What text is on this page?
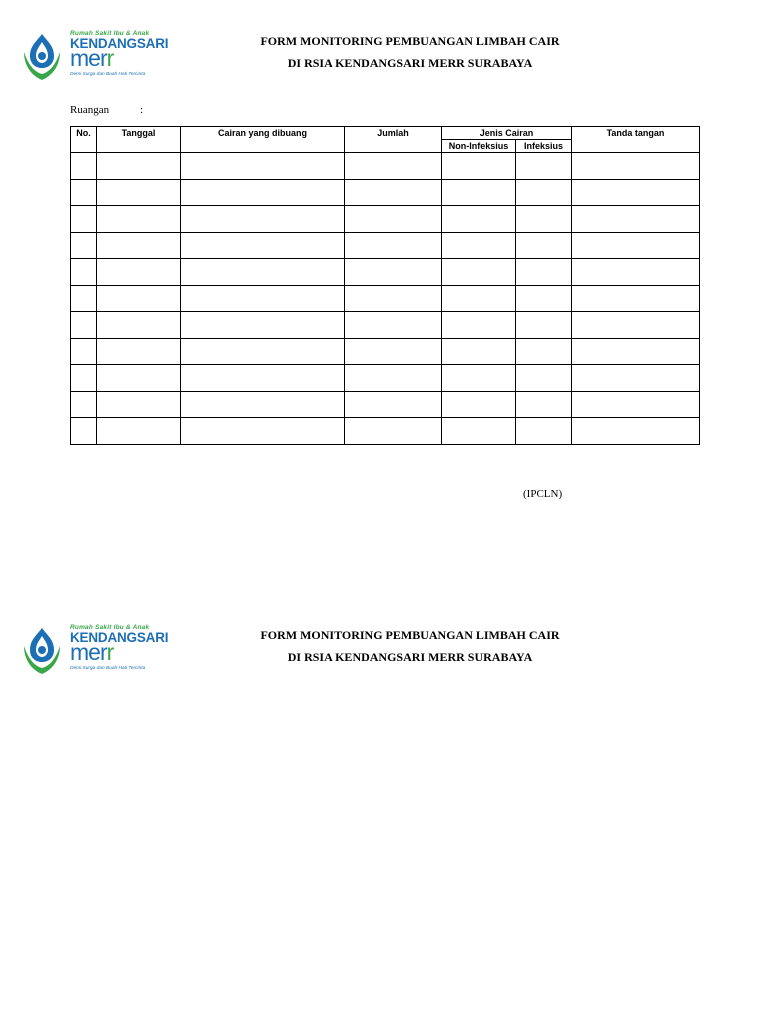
Rumah Sakit Ibu & Anak
KENDANGSARI
merr
Demi Surga dan Buah Hati Tercinta
FORM MONITORING PEMBUANGAN LIMBAH CAIR
DI RSIA KENDANGSARI MERR SURABAYA
Ruangan	:
No.	Tanggal	Cairan yang dibuang	Jumlah	Jenis Cairan		Tanda tangan
				Non-Infeksius	Infeksius	

(IPCLN)
Rumah Sakit Ibu & Anak
KENDANGSARI
merr
Demi Surga dan Buah Hati Tercinta
FORM MONITORING PEMBUANGAN LIMBAH CAIR
DI RSIA KENDANGSARI MERR SURABAYA
